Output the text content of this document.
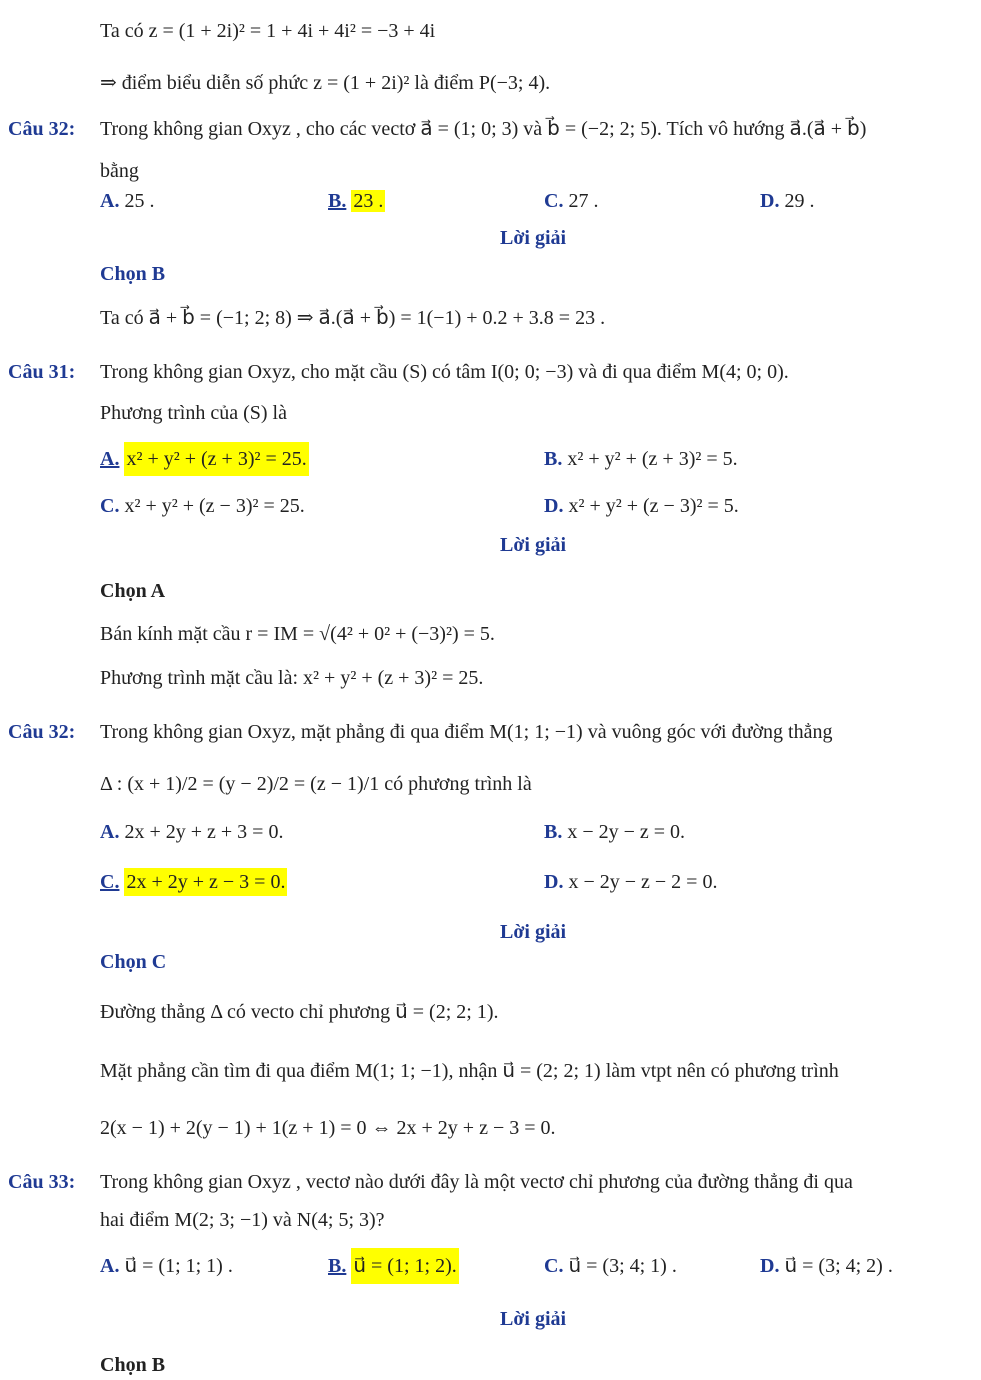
Ta có z = (1 + 2i)² = 1 + 4i + 4i² = −3 + 4i
⇒ điểm biểu diễn số phức z = (1 + 2i)² là điểm P(−3; 4).
Câu 32: Trong không gian Oxyz , cho các vectơ a⃗ = (1; 0; 3) và b⃗ = (−2; 2; 5). Tích vô hướng a⃗.(a⃗ + b⃗)
bằng
A. 25 .	B. 23 .	C. 27 .	D. 29 .
Lời giải
Chọn B
Ta có a⃗ + b⃗ = (−1; 2; 8) ⇒ a⃗.(a⃗ + b⃗) = 1(−1) + 0.2 + 3.8 = 23 .
Câu 31: Trong không gian Oxyz, cho mặt cầu (S) có tâm I(0; 0; −3) và đi qua điểm M(4; 0; 0).
Phương trình của (S) là
A. x² + y² + (z + 3)² = 25.	B. x² + y² + (z + 3)² = 5.
C. x² + y² + (z − 3)² = 25.	D. x² + y² + (z − 3)² = 5.
Lời giải
Chọn A
Bán kính mặt cầu r = IM = √(4² + 0² + (−3)²) = 5.
Phương trình mặt cầu là: x² + y² + (z + 3)² = 25.
Câu 32: Trong không gian Oxyz, mặt phẳng đi qua điểm M(1; 1; −1) và vuông góc với đường thẳng
Δ : (x + 1)/2 = (y − 2)/2 = (z − 1)/1 có phương trình là
A. 2x + 2y + z + 3 = 0.	B. x − 2y − z = 0.
C. 2x + 2y + z − 3 = 0.	D. x − 2y − z − 2 = 0.
Lời giải
Chọn C
Đường thẳng Δ có vecto chỉ phương u⃗ = (2; 2; 1).
Mặt phẳng cần tìm đi qua điểm M(1; 1; −1), nhận u⃗ = (2; 2; 1) làm vtpt nên có phương trình
2(x − 1) + 2(y − 1) + 1(z + 1) = 0 ⇔ 2x + 2y + z − 3 = 0.
Câu 33: Trong không gian Oxyz , vectơ nào dưới đây là một vectơ chỉ phương của đường thẳng đi qua
hai điểm M(2; 3; −1) và N(4; 5; 3)?
A. u⃗ = (1; 1; 1) .	B. u⃗ = (1; 1; 2).	C. u⃗ = (3; 4; 1) .	D. u⃗ = (3; 4; 2) .
Lời giải
Chọn B
